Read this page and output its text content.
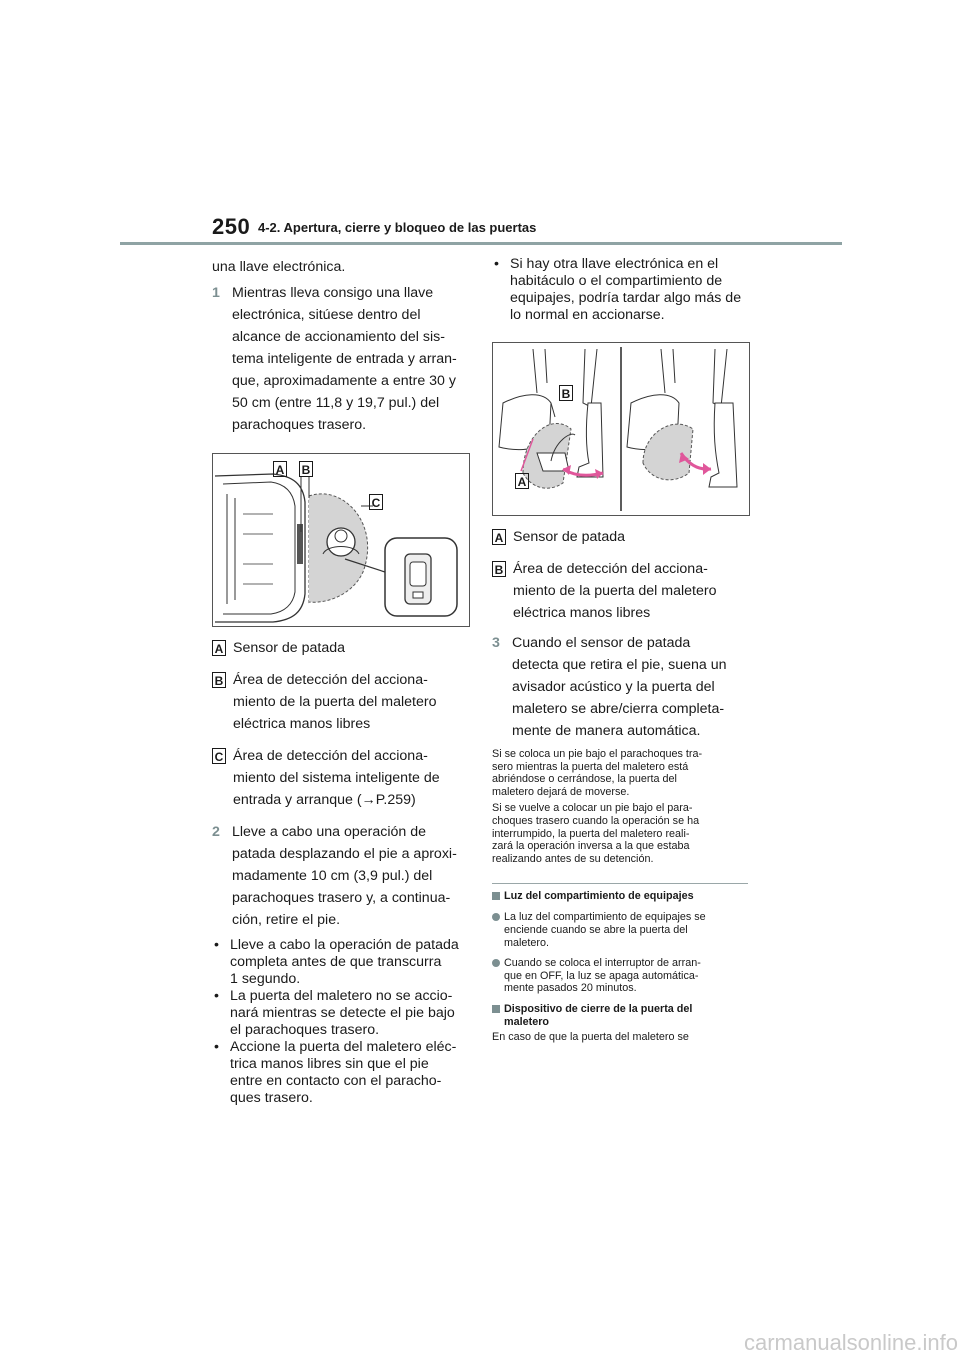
250 4-2. Apertura, cierre y bloqueo de las puertas

una llave electrónica.

1 Mientras lleva consigo una llave
electrónica, sitúese dentro del
alcance de accionamiento del sis-
tema inteligente de entrada y arran-
que, aproximadamente a entre 30 y
50 cm (entre 11,8 y 19,7 pul.) del
parachoques trasero.
A B
C
A Sensor de patada
B Área de detección del acciona-
miento de la puerta del maletero
eléctrica manos libres
C Área de detección del acciona-
miento del sistema inteligente de
entrada y arranque (→P.259)
2 Lleve a cabo una operación de
patada desplazando el pie a aproxi-
madamente 10 cm (3,9 pul.) del
parachoques trasero y, a continua-
ción, retire el pie.
• Lleve a cabo la operación de patada
completa antes de que transcurra
1 segundo.
• La puerta del maletero no se accio-
nará mientras se detecte el pie bajo
el parachoques trasero.
• Accione la puerta del maletero eléc-
trica manos libres sin que el pie
entre en contacto con el paracho-
ques trasero.
• Si hay otra llave electrónica en el
habitáculo o el compartimiento de
equipajes, podría tardar algo más de
lo normal en accionarse.
B
A
A Sensor de patada
B Área de detección del acciona-
miento de la puerta del maletero
eléctrica manos libres
3 Cuando el sensor de patada
detecta que retira el pie, suena un
avisador acústico y la puerta del
maletero se abre/cierra completa-
mente de manera automática.

Si se coloca un pie bajo el parachoques tra-

sero mientras la puerta del maletero está

abriéndose o cerrándose, la puerta del

maletero dejará de moverse.

Si se vuelve a colocar un pie bajo el para-

choques trasero cuando la operación se ha

interrumpido, la puerta del maletero reali-

zará la operación inversa a la que estaba

realizando antes de su detención.

Luz del compartimiento de equipajes
La luz del compartimiento de equipajes se
enciende cuando se abre la puerta del
maletero.
Cuando se coloca el interruptor de arran-
que en OFF, la luz se apaga automática-
mente pasados 20 minutos.
Dispositivo de cierre de la puerta del
maletero

En caso de que la puerta del maletero se

carmanualsonline.info
